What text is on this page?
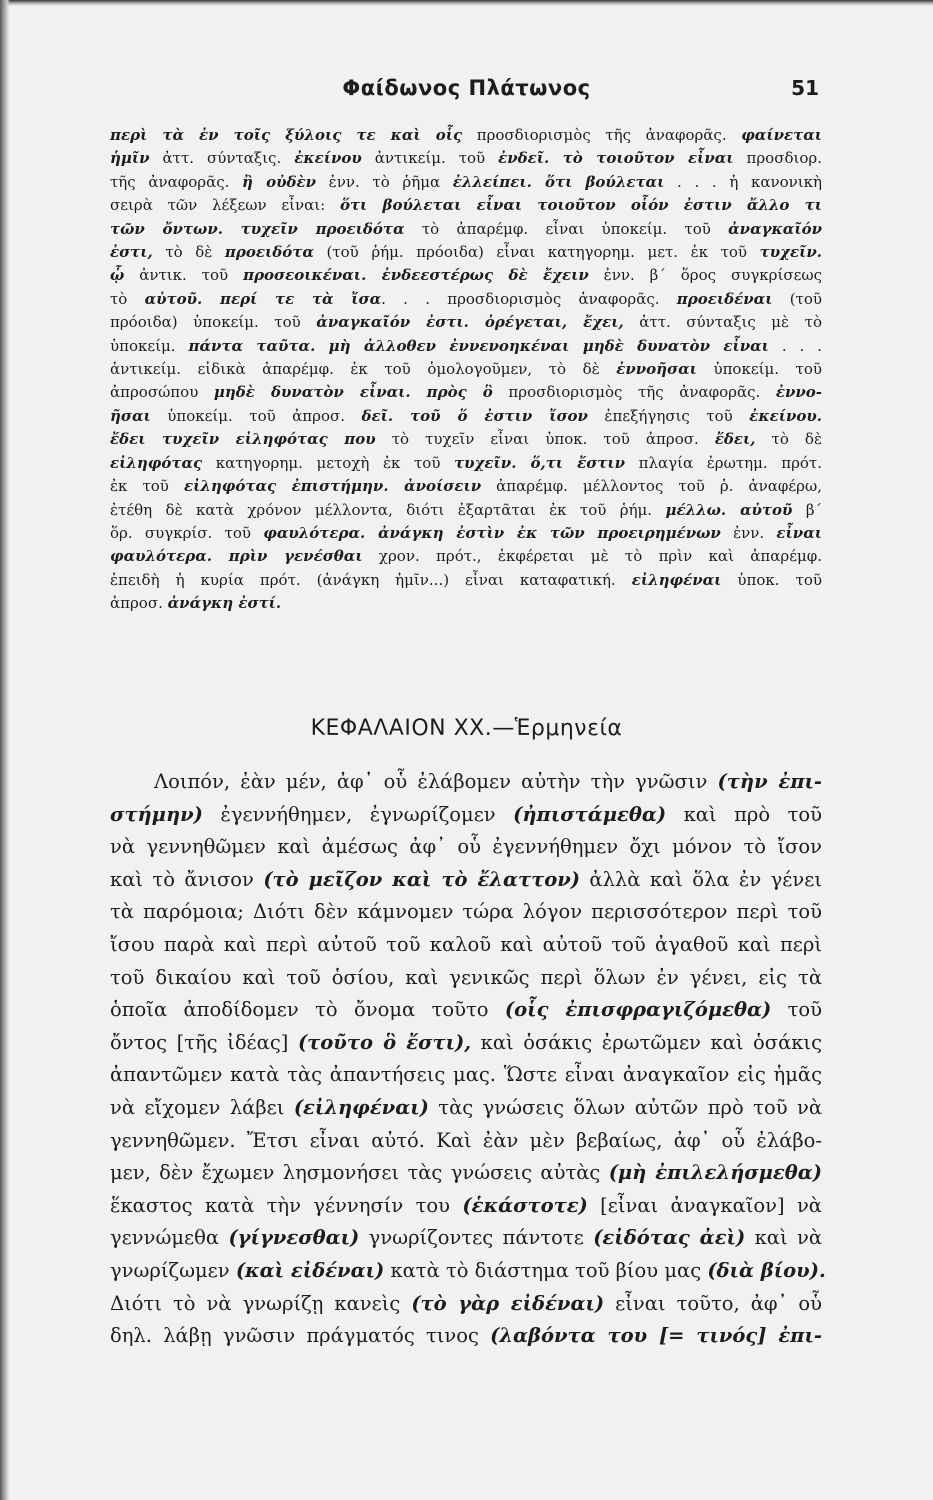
Φαίδωνος Πλάτωνος	51
περὶ τὰ ἐν τοῖς ξύλοις τε καὶ οἷς προσδιορισμὸς τῆς ἀναφορᾶς. φαίνεται
ἡμῖν ἀττ. σύνταξις. ἐκείνου ἀντικείμ. τοῦ ἐνδεῖ. τὸ τοιοῦτον εἶναι προσδιορ.
τῆς ἀναφορᾶς. ἢ οὐδὲν ἐνν. τὸ ῥῆμα ἐλλείπει. ὅτι βούλεται . . . ἡ κανονικὴ
σειρὰ τῶν λέξεων εἶναι: ὅτι βούλεται εἶναι τοιοῦτον οἷόν ἐστιν ἄλλο τι
τῶν ὄντων. τυχεῖν προειδότα τὸ ἀπαρέμφ. εἶναι ὑποκείμ. τοῦ ἀναγκαῖόν
ἐστι, τὸ δὲ προειδότα (τοῦ ῥήμ. πρόοιδα) εἶναι κατηγορημ. μετ. ἐκ τοῦ τυχεῖν.
ᾧ ἀντικ. τοῦ προσεοικέναι. ἐνδεεστέρως δὲ ἔχειν ἐνν. β΄ ὅρος συγκρίσεως
τὸ αὐτοῦ. περί τε τὰ ἴσα. . . προσδιορισμὸς ἀναφορᾶς. προειδέναι (τοῦ
πρόοιδα) ὑποκείμ. τοῦ ἀναγκαῖόν ἐστι. ὀρέγεται, ἔχει, ἀττ. σύνταξις μὲ τὸ
ὑποκείμ. πάντα ταῦτα. μὴ ἀλλοθεν ἐννενοηκέναι μηδὲ δυνατὸν εἶναι . . .
ἀντικείμ. εἰδικὰ ἀπαρέμφ. ἐκ τοῦ ὁμολογοῦμεν, τὸ δὲ ἐννοῆσαι ὑποκείμ. τοῦ
ἀπροσώπου μηδὲ δυνατὸν εἶναι. πρὸς ὃ προσδιορισμὸς τῆς ἀναφορᾶς. ἐννο-
ῆσαι ὑποκείμ. τοῦ ἀπροσ. δεῖ. τοῦ ὅ ἐστιν ἴσον ἐπεξήγησις τοῦ ἐκείνου.
ἔδει τυχεῖν εἰληφότας που τὸ τυχεῖν εἶναι ὑποκ. τοῦ ἀπροσ. ἔδει, τὸ δὲ
εἰληφότας κατηγορημ. μετοχὴ ἐκ τοῦ τυχεῖν. ὅ,τι ἔστιν πλαγία ἐρωτημ. πρότ.
ἐκ τοῦ εἰληφότας ἐπιστήμην. ἀνοίσειν ἀπαρέμφ. μέλλοντος τοῦ ῥ. ἀναφέρω,
ἐτέθη δὲ κατὰ χρόνον μέλλοντα, διότι ἐξαρτᾶται ἐκ τοῦ ῥήμ. μέλλω. αὐτοῦ β΄
ὅρ. συγκρίσ. τοῦ φαυλότερα. ἀνάγκη ἐστὶν ἐκ τῶν προειρημένων ἐνν. εἶναι
φαυλότερα. πρὶν γενέσθαι χρον. πρότ., ἐκφέρεται μὲ τὸ πρὶν καὶ ἀπαρέμφ.
ἐπειδὴ ἡ κυρία πρότ. (ἀνάγκη ἡμῖν...) εἶναι καταφατική. εἰληφέναι ὑποκ. τοῦ
ἀπροσ. ἀνάγκη ἐστί.
ΚΕΦΑΛΑΙΟΝ XX.—Ἑρμηνεία
Λοιπόν, ἐὰν μέν, ἀφ᾿ οὗ ἐλάβομεν αὐτὴν τὴν γνῶσιν (τὴν ἐπι-
στήμην) ἐγεννήθημεν, ἐγνωρίζομεν (ἠπιστάμεθα) καὶ πρὸ τοῦ
νὰ γεννηθῶμεν καὶ ἀμέσως ἀφ᾿ οὗ ἐγεννήθημεν ὄχι μόνον τὸ ἴσον
καὶ τὸ ἄνισον (τὸ μεῖζον καὶ τὸ ἔλαττον) ἀλλὰ καὶ ὅλα ἐν γένει
τὰ παρόμοια; Διότι δὲν κάμνομεν τώρα λόγον περισσότερον περὶ τοῦ
ἴσου παρὰ καὶ περὶ αὐτοῦ τοῦ καλοῦ καὶ αὐτοῦ τοῦ ἀγαθοῦ καὶ περὶ
τοῦ δικαίου καὶ τοῦ ὁσίου, καὶ γενικῶς περὶ ὅλων ἐν γένει, εἰς τὰ
ὁποῖα ἀποδίδομεν τὸ ὄνομα τοῦτο (οἷς ἐπισφραγιζόμεθα) τοῦ
ὄντος [τῆς ἰδέας] (τοῦτο ὃ ἔστι), καὶ ὁσάκις ἐρωτῶμεν καὶ ὁσάκις
ἀπαντῶμεν κατὰ τὰς ἀπαντήσεις μας. Ὥστε εἶναι ἀναγκαῖον εἰς ἡμᾶς
νὰ εἴχομεν λάβει (εἰληφέναι) τὰς γνώσεις ὅλων αὐτῶν πρὸ τοῦ νὰ
γεννηθῶμεν. Ἔτσι εἶναι αὐτό. Καὶ ἐὰν μὲν βεβαίως, ἀφ᾿ οὗ ἐλάβο-
μεν, δὲν ἔχωμεν λησμονήσει τὰς γνώσεις αὐτὰς (μὴ ἐπιλελήσμεθα)
ἕκαστος κατὰ τὴν γέννησίν του (ἑκάστοτε) [εἶναι ἀναγκαῖον] νὰ
γεννώμεθα (γίγνεσθαι) γνωρίζοντες πάντοτε (εἰδότας ἀεὶ) καὶ νὰ
γνωρίζωμεν (καὶ εἰδέναι) κατὰ τὸ διάστημα τοῦ βίου μας (διὰ βίου).
Διότι τὸ νὰ γνωρίζῃ κανεὶς (τὸ γὰρ εἰδέναι) εἶναι τοῦτο, ἀφ᾿ οὗ
δηλ. λάβῃ γνῶσιν πράγματός τινος (λαβόντα του [= τινός] ἐπι-
